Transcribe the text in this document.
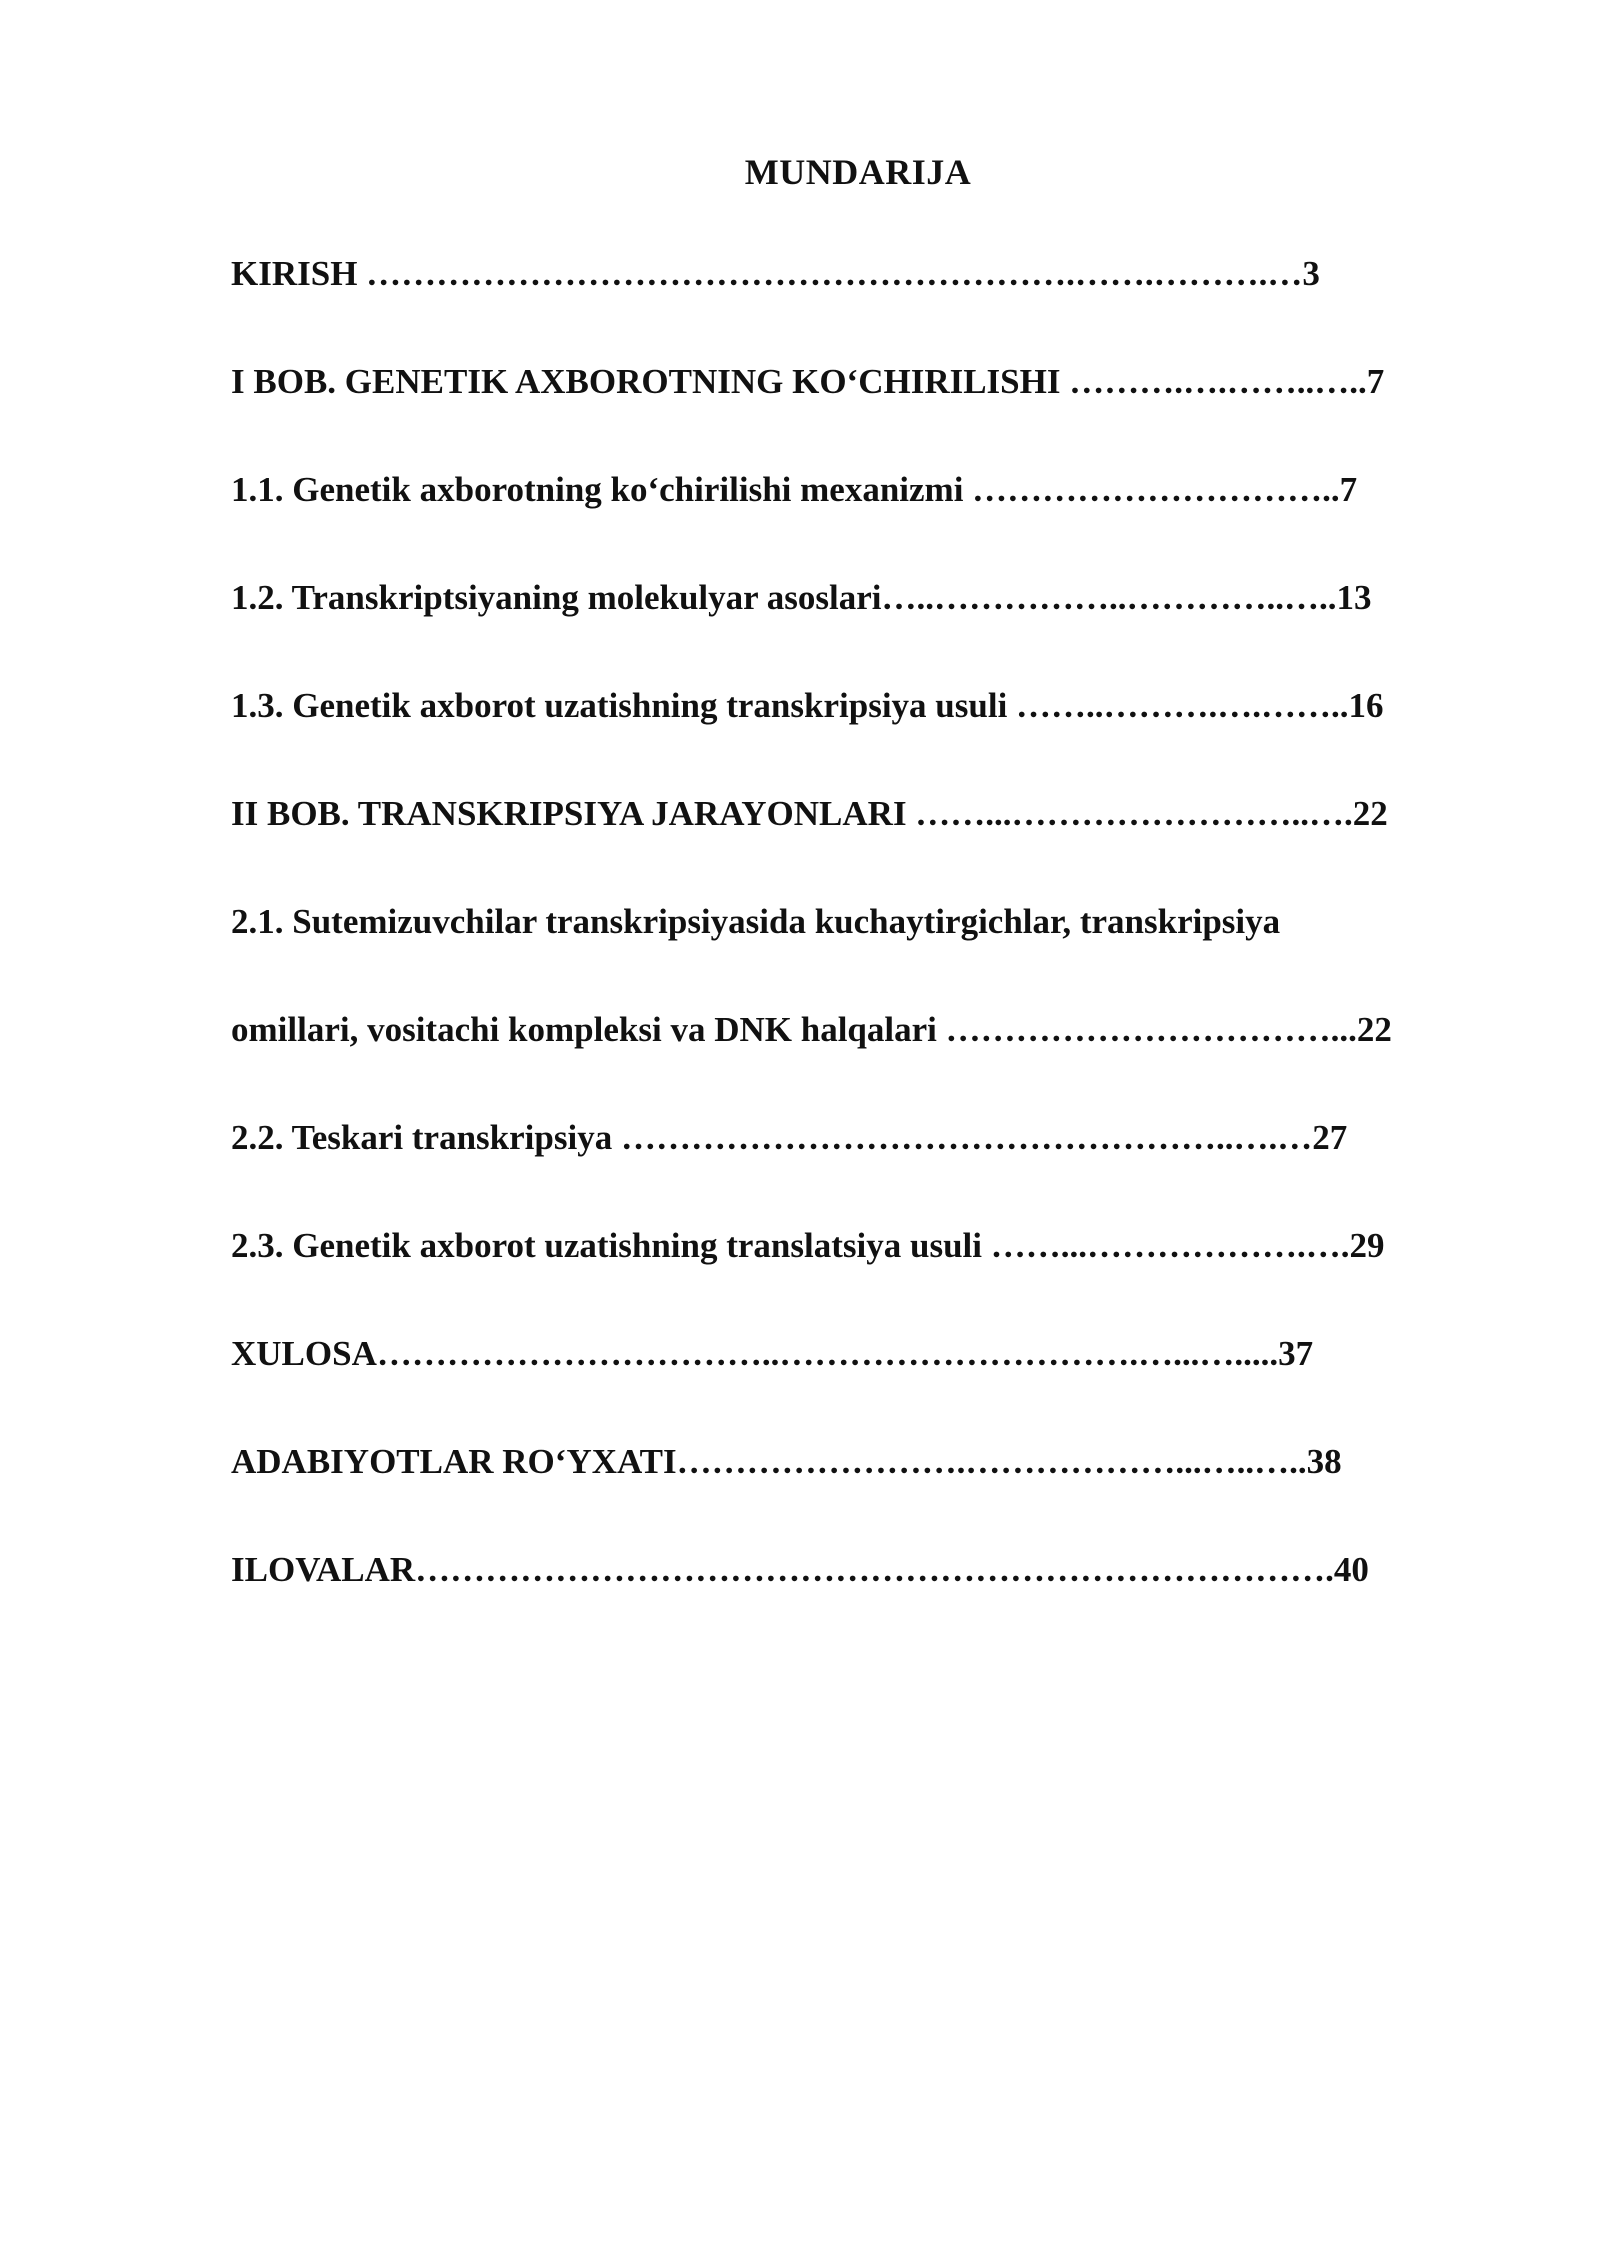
MUNDARIJA
KIRISH …………………………………………………….…….……….…3
I BOB. GENETIK AXBOROTNING KO‘CHIRILISHI ……….….……..…..7
1.1. Genetik axborotning ko‘chirilishi mexanizmi …………………………..7
1.2. Transkriptsiyaning molekulyar asoslari…..……………..…………..…..13
1.3. Genetik axborot uzatishning transkripsiya usuli ……..……….….……..16
II BOB. TRANSKRIPSIYA JARAYONLARI ……...……………………..….22
2.1. Sutemizuvchilar transkripsiyasida kuchaytirgichlar, transkripsiya
omillari, vositachi kompleksi va DNK halqalari ……………………………...22
2.2. Teskari transkripsiya ……………………………………………..….…27
2.3. Genetik axborot uzatishning translatsiya usuli ……...……………….….29
XULOSA……………………………..………………………….…...….....37
ADABIYOTLAR RO‘YXATI…………………….………………...…..…..38
ILOVALAR…………………………………………………………………….40
